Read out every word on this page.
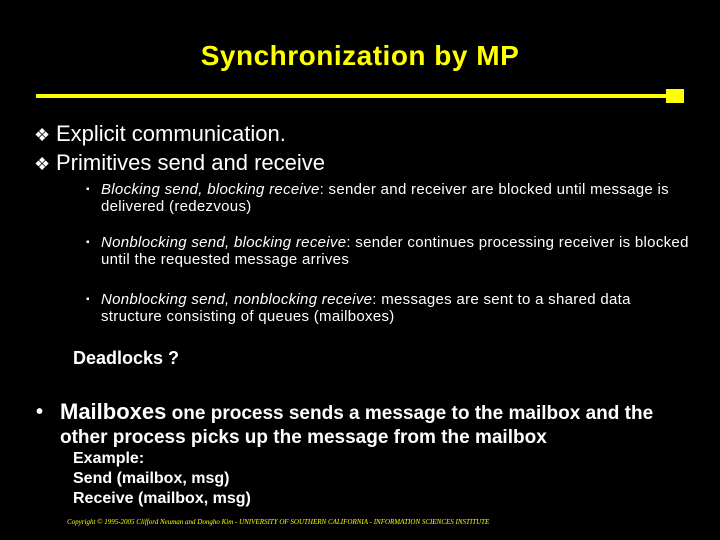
Synchronization by MP
❖ Explicit communication.
❖ Primitives send and receive
▪ Blocking send, blocking receive: sender and receiver are blocked until message is delivered (redezvous)
▪ Nonblocking send, blocking receive: sender continues processing receiver is blocked until the requested message arrives
▪ Nonblocking send, nonblocking receive: messages are sent to a shared data structure consisting of queues (mailboxes)
Deadlocks ?
• Mailboxes one process sends a message to the mailbox and the other process picks up the message from the mailbox
Example:
Send (mailbox, msg)
Receive (mailbox, msg)
Copyright © 1995-2005 Clifford Neuman and Dongho Kim - UNIVERSITY OF SOUTHERN CALIFORNIA - INFORMATION SCIENCES INSTITUTE
